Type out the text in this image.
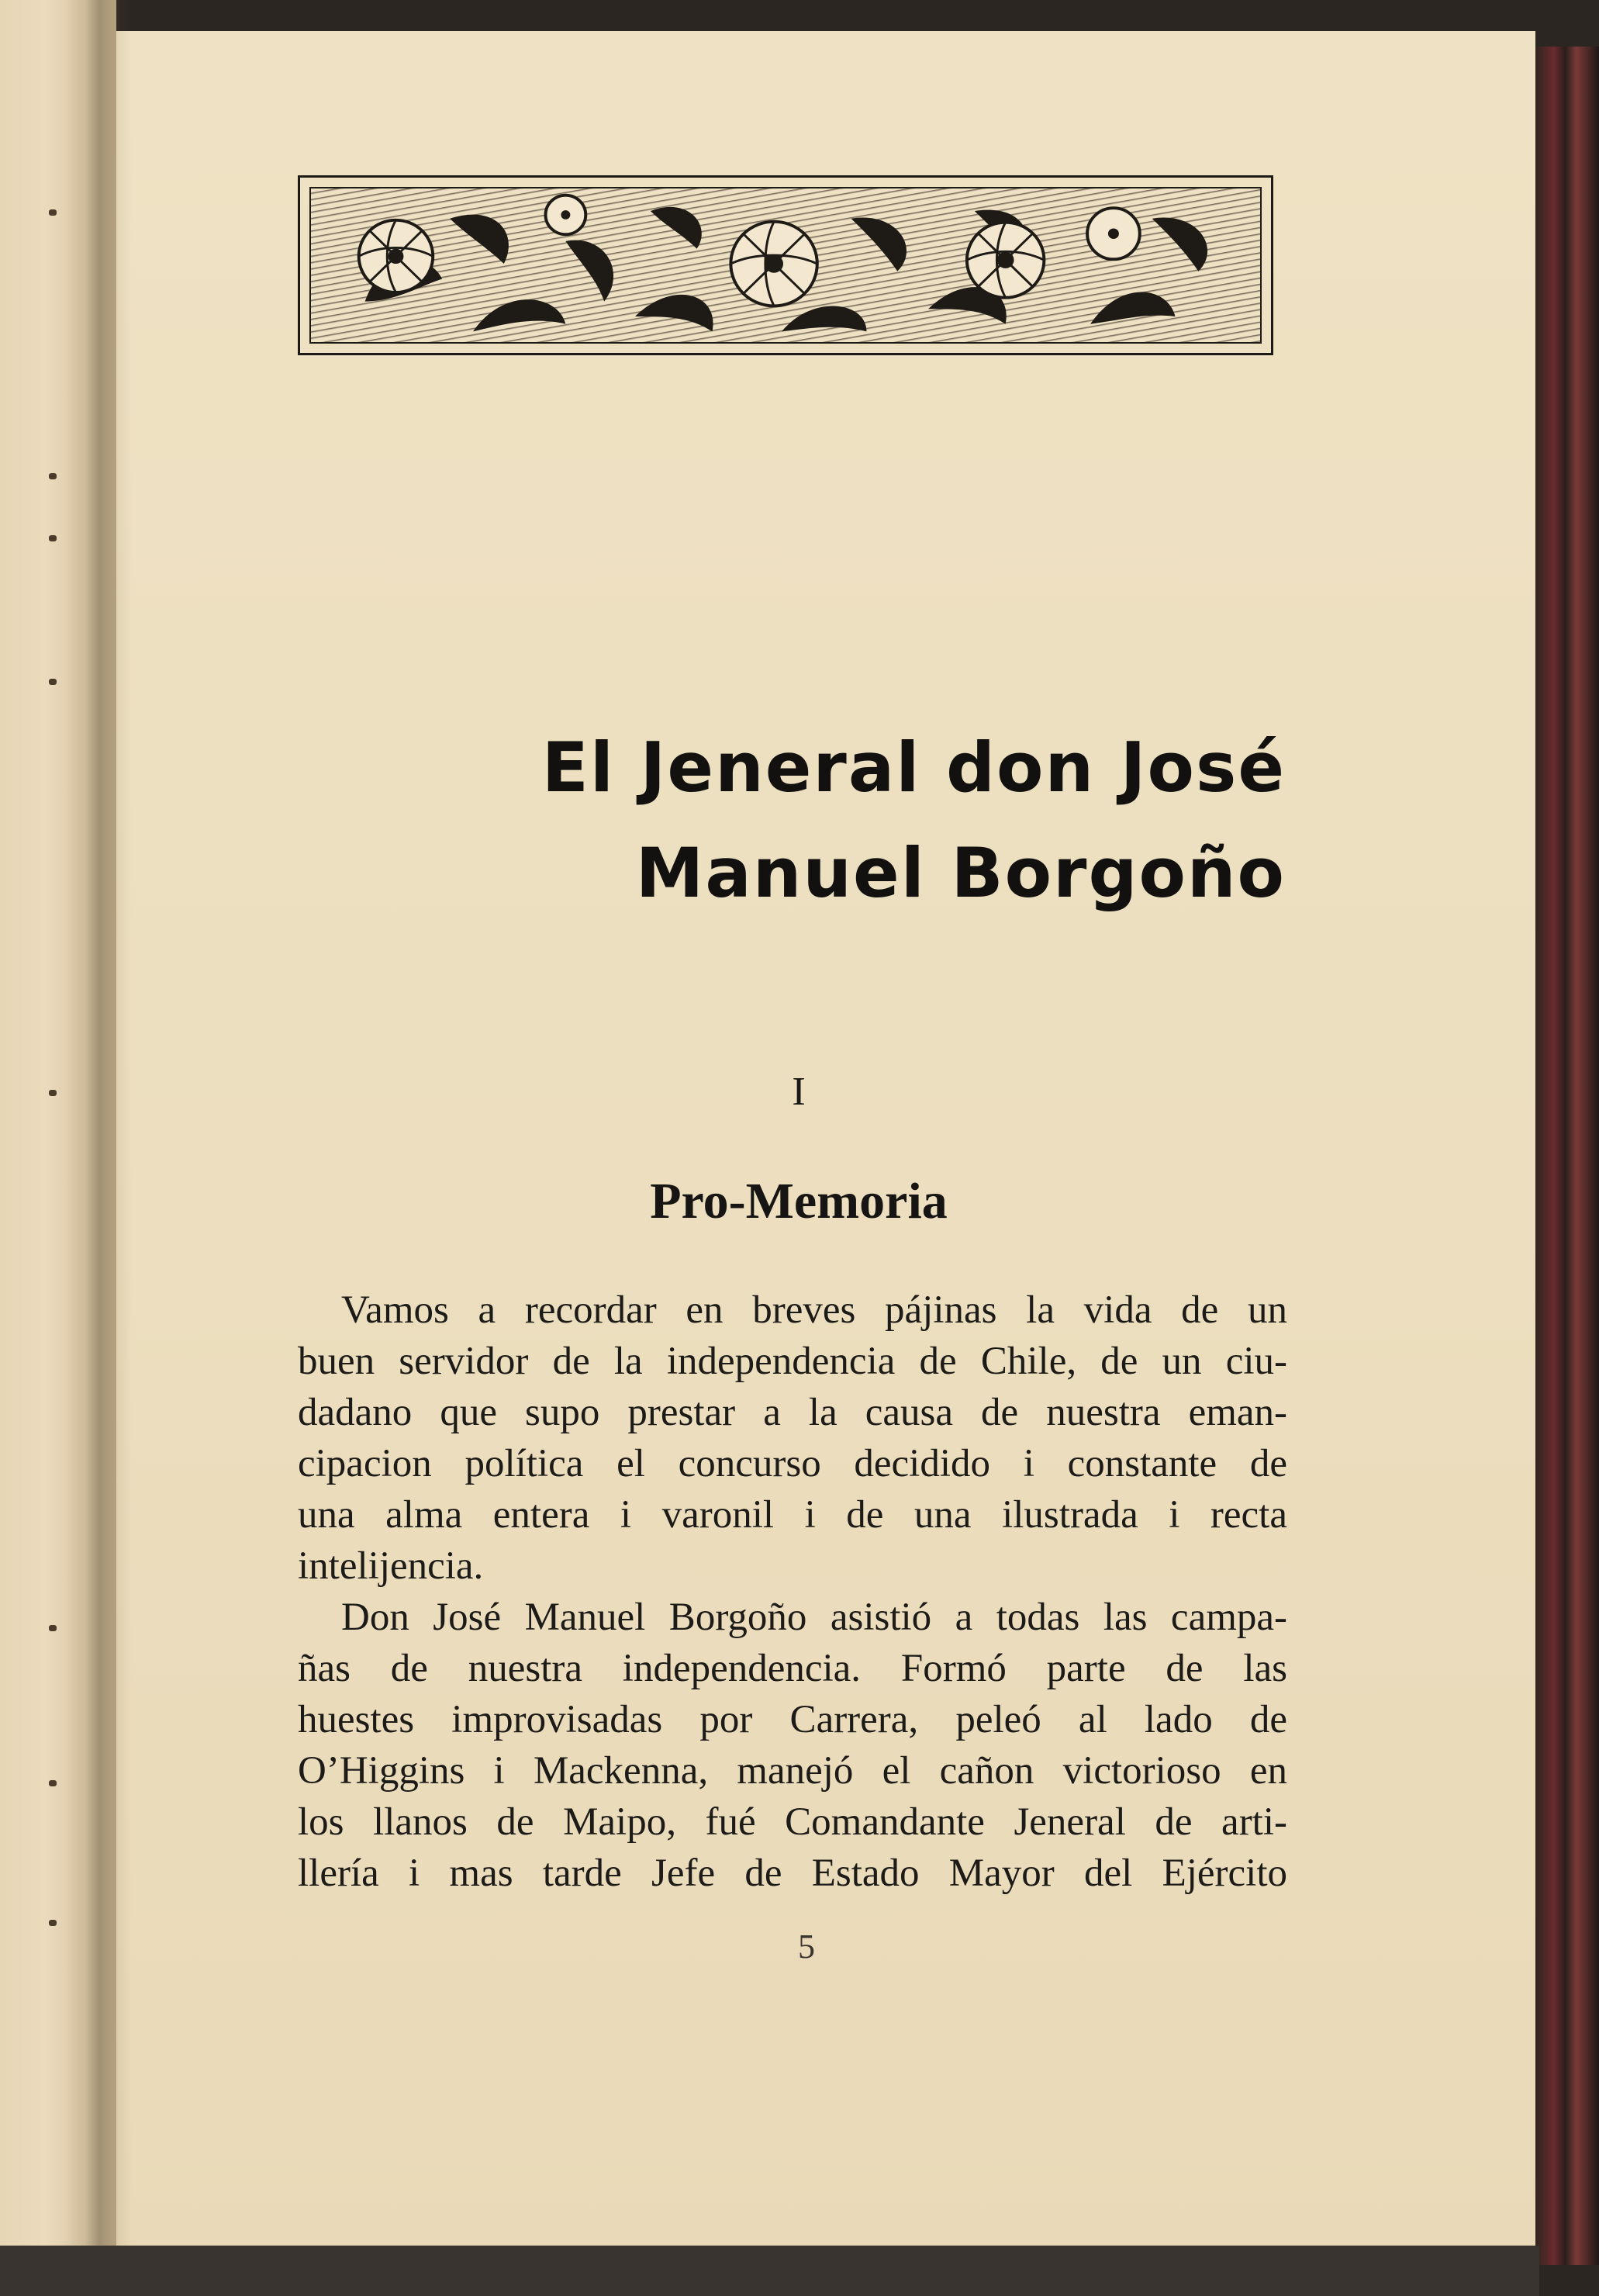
El Jeneral don José
Manuel Borgoño
I
Pro-Memoria
Vamos a recordar en breves pájinas la vida de un
buen servidor de la independencia de Chile, de un ciu-
dadano que supo prestar a la causa de nuestra eman-
cipacion política el concurso decidido i constante de
una alma entera i varonil i de una ilustrada i recta
intelijencia.
Don José Manuel Borgoño asistió a todas las campa-
ñas de nuestra independencia. Formó parte de las
huestes improvisadas por Carrera, peleó al lado de
O’Higgins i Mackenna, manejó el cañon victorioso en
los llanos de Maipo, fué Comandante Jeneral de arti-
llería i mas tarde Jefe de Estado Mayor del Ejército
5
